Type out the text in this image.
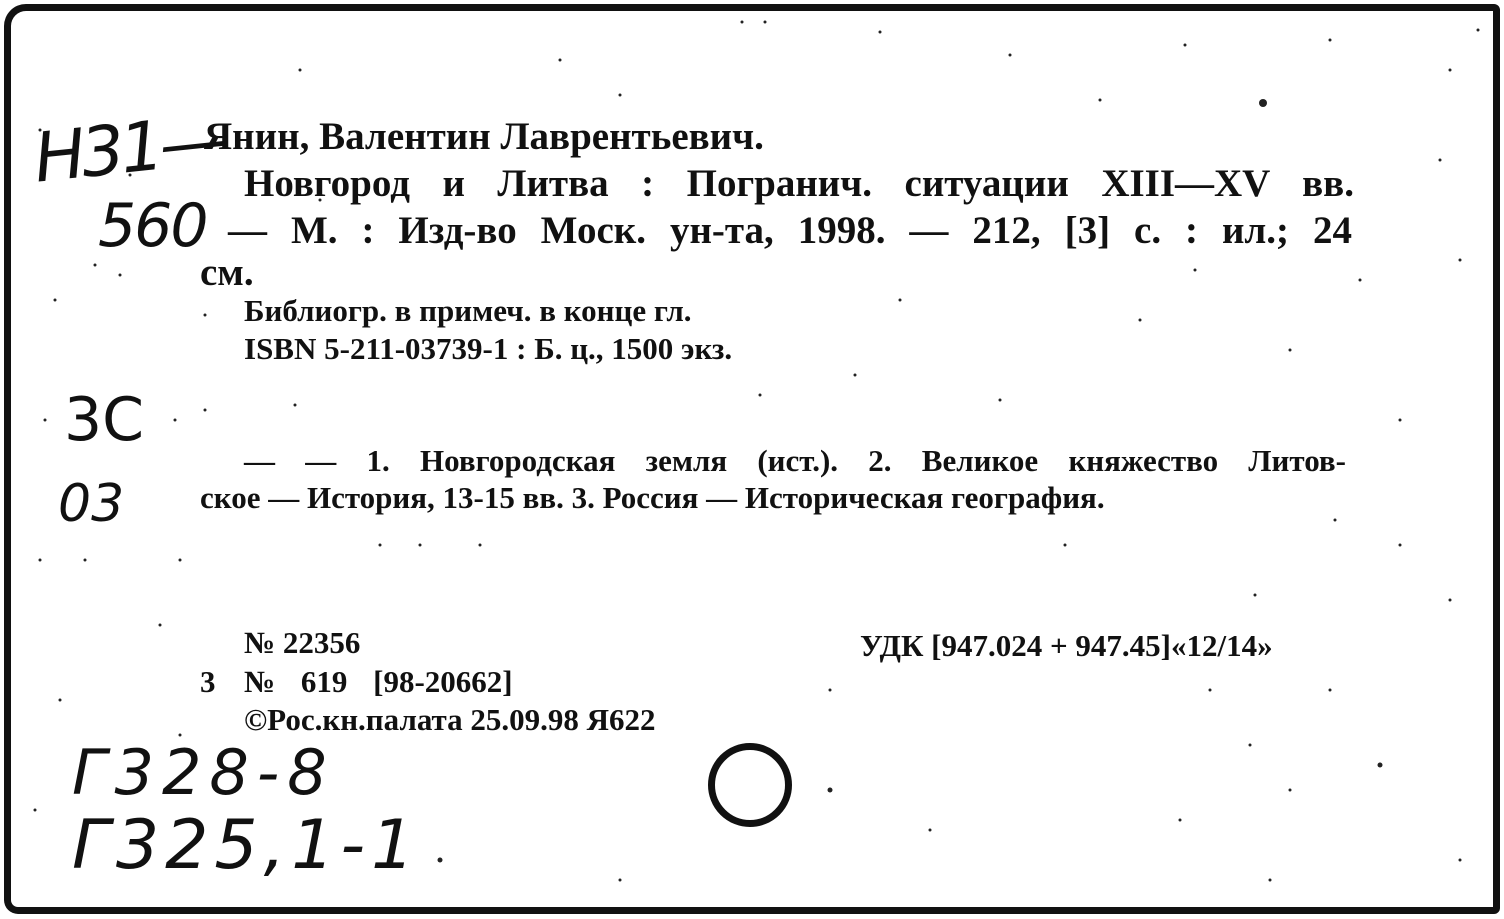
Н31—
560
3С
03
Г328-8
Г325,1-1
Янин, Валентин Лаврентьевич.
Новгород и Литва : Погранич. ситуации XIII—XV вв.
— М. : Изд-во Моск. ун-та, 1998. — 212, [3] с. : ил.; 24
см.
Библиогр. в примеч. в конце гл.
ISBN 5-211-03739-1 : Б. ц., 1500 экз.
— — 1. Новгородская земля (ист.). 2. Великое княжество Литов-
ское — История, 13-15 вв. 3. Россия — Историческая география.
№ 22356	УДК [947.024 + 947.45]«12/14»
3 № 619 [98-20662]
©Рос.кн.палата 25.09.98 Я622
